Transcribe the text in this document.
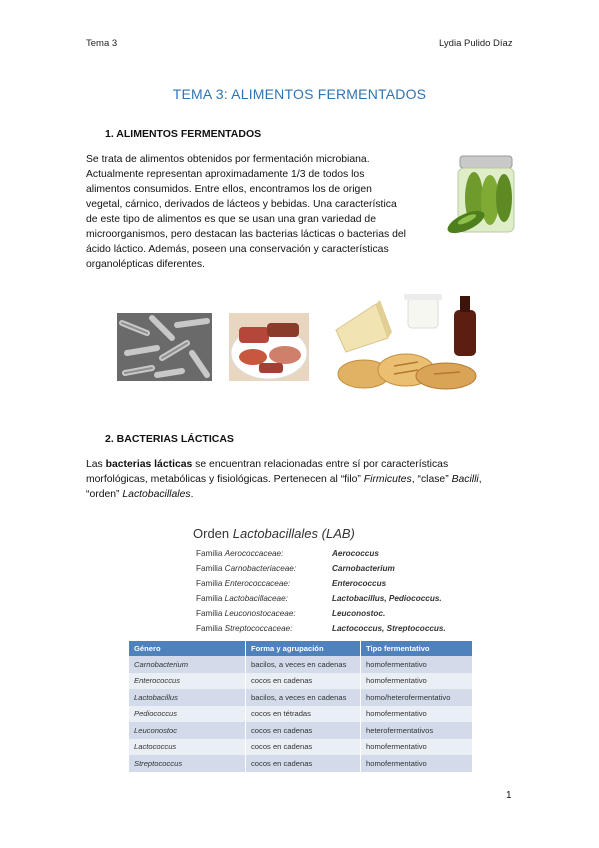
Tema 3	Lydia Pulido Díaz
TEMA 3: ALIMENTOS FERMENTADOS
1. ALIMENTOS FERMENTADOS
Se trata de alimentos obtenidos por fermentación microbiana.
Actualmente representan aproximadamente 1/3 de todos los
alimentos consumidos. Entre ellos, encontramos los de origen
vegetal, cárnico, derivados de lácteos y bebidas. Una característica
de este tipo de alimentos es que se usan una gran variedad de
microorganismos, pero destacan las bacterias lácticas o bacterias del
ácido láctico. Además, poseen una conservación y características
organolépticas diferentes.
2. BACTERIAS LÁCTICAS
Las bacterias lácticas se encuentran relacionadas entre sí por características
morfológicas, metabólicas y fisiológicas. Pertenecen al “filo” Firmicutes, “clase” Bacilli,
“orden” Lactobacillales.
Orden Lactobacillales (LAB)
Familia Aerococcaceae:	Aerococcus
Familia Carnobacteriaceae:	Carnobacterium
Familia Enterococcaceae:	Enterococcus
Familia Lactobacillaceae:	Lactobacillus, Pediococcus.
Familia Leuconostocaceae:	Leuconostoc.
Familia Streptococcaceae:	Lactococcus, Streptococcus.
Género	Forma y agrupación	Tipo fermentativo
Carnobacterium	bacilos, a veces en cadenas	homofermentativo
Enterococcus	cocos en cadenas	homofermentativo
Lactobacillus	bacilos, a veces en cadenas	homo/heterofermentativo
Pediococcus	cocos en tétradas	homofermentativo
Leuconostoc	cocos en cadenas	heterofermentativos
Lactococcus	cocos en cadenas	homofermentativo
Streptococcus	cocos en cadenas	homofermentativo
1
